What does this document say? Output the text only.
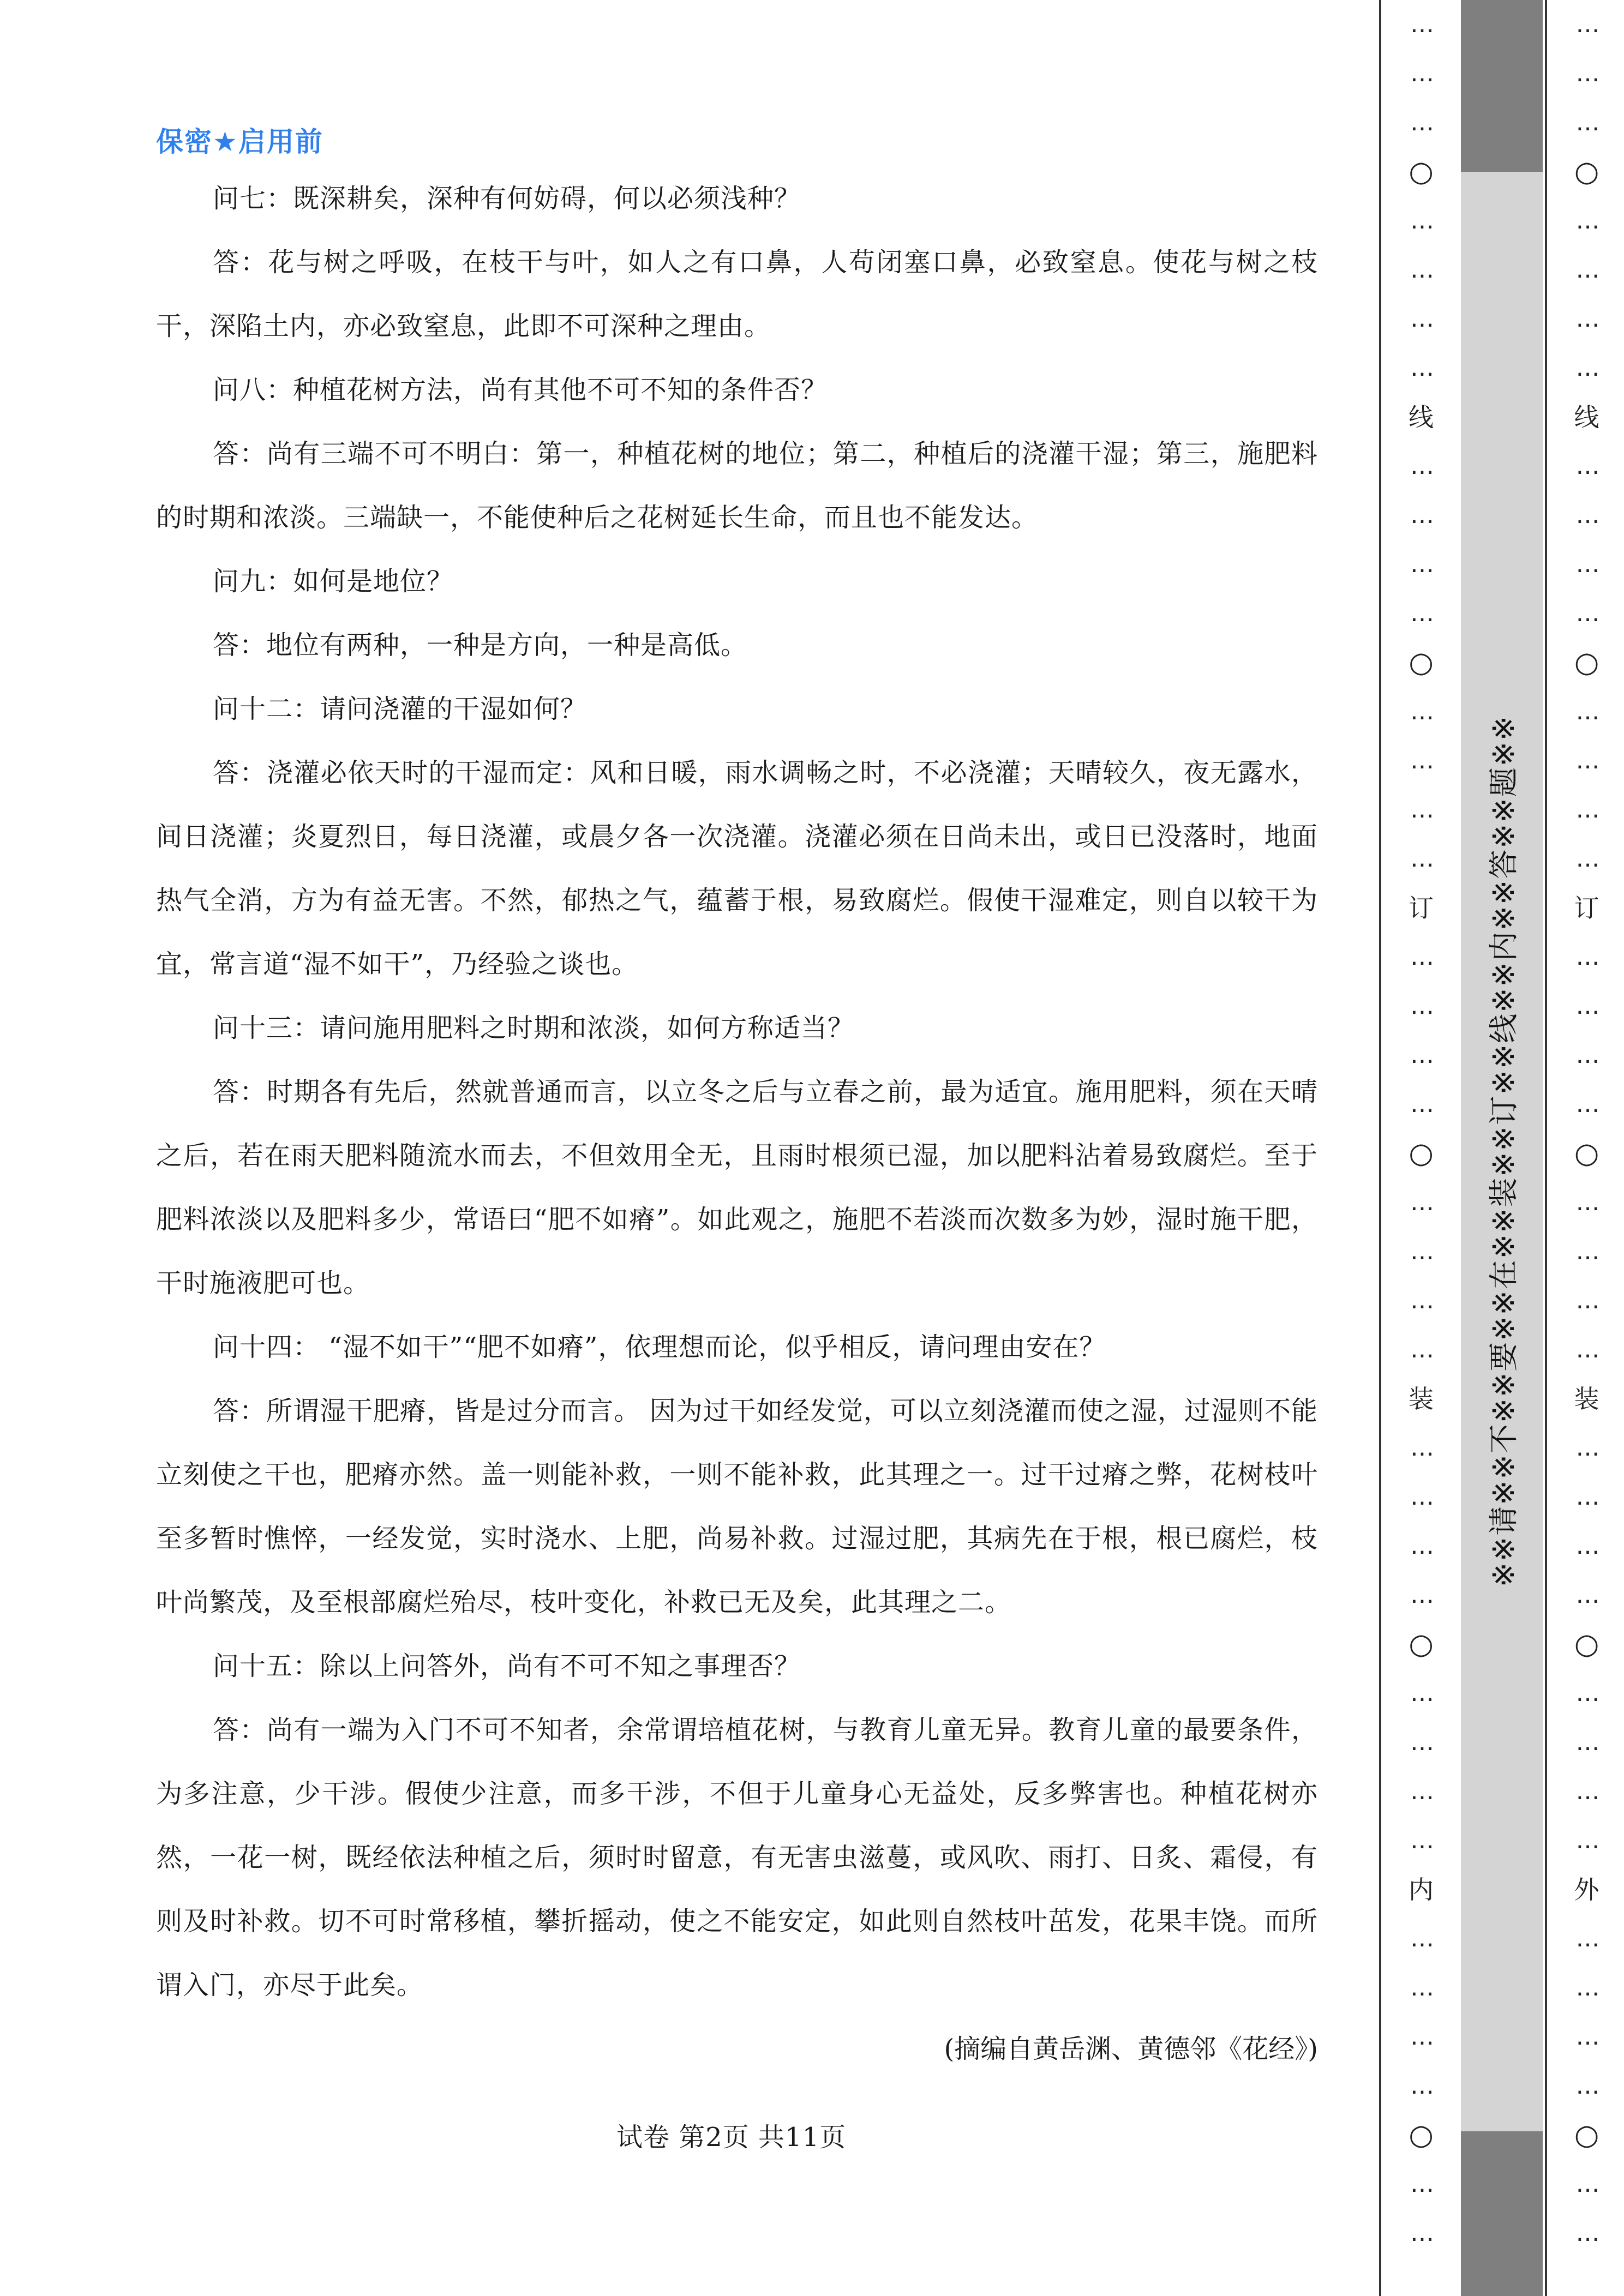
保密★启用前

问七：既深耕矣，深种有何妨碍，何以必须浅种？

答：花与树之呼吸，在枝干与叶，如人之有口鼻，人苟闭塞口鼻，必致窒息。使花与树之枝干，深陷土内，亦必致窒息，此即不可深种之理由。

问八：种植花树方法，尚有其他不可不知的条件否？

答：尚有三端不可不明白：第一，种植花树的地位；第二，种植后的浇灌干湿；第三，施肥料的时期和浓淡。三端缺一，不能使种后之花树延长生命，而且也不能发达。

问九：如何是地位？

答：地位有两种，一种是方向，一种是高低。

问十二：请问浇灌的干湿如何？

答：浇灌必依天时的干湿而定：风和日暖，雨水调畅之时，不必浇灌；天晴较久，夜无露水，间日浇灌；炎夏烈日，每日浇灌，或晨夕各一次浇灌。浇灌必须在日尚未出，或日已没落时，地面热气全消，方为有益无害。不然，郁热之气，蕴蓄于根，易致腐烂。假使干湿难定，则自以较干为宜，常言道“湿不如干”，乃经验之谈也。

问十三：请问施用肥料之时期和浓淡，如何方称适当？

答：时期各有先后，然就普通而言，以立冬之后与立春之前，最为适宜。施用肥料，须在天晴之后，若在雨天肥料随流水而去，不但效用全无，且雨时根须已湿，加以肥料沾着易致腐烂。至于肥料浓淡以及肥料多少，常语曰“肥不如瘠”。如此观之，施肥不若淡而次数多为妙，湿时施干肥，干时施液肥可也。

问十四： “湿不如干”“肥不如瘠”，依理想而论，似乎相反，请问理由安在？

答：所谓湿干肥瘠，皆是过分而言。 因为过干如经发觉，可以立刻浇灌而使之湿，过湿则不能立刻使之干也，肥瘠亦然。盖一则能补救，一则不能补救，此其理之一。过干过瘠之弊，花树枝叶至多暂时憔悴，一经发觉，实时浇水、上肥，尚易补救。过湿过肥，其病先在于根，根已腐烂，枝叶尚繁茂，及至根部腐烂殆尽，枝叶变化，补救已无及矣，此其理之二。

问十五：除以上问答外，尚有不可不知之事理否？

答：尚有一端为入门不可不知者，余常谓培植花树，与教育儿童无异。教育儿童的最要条件，为多注意，少干涉。假使少注意，而多干涉，不但于儿童身心无益处，反多弊害也。种植花树亦然，一花一树，既经依法种植之后，须时时留意，有无害虫滋蔓，或风吹、雨打、日炙、霜侵，有则及时补救。切不可时常移植，攀折摇动，使之不能安定，如此则自然枝叶茁发，花果丰饶。而所谓入门，亦尽于此矣。

(摘编自黄岳渊、黄德邻《花经》)

试卷 第2页 共11页
…
…
…
○
…
…
…
…
线
…
…
…
…
○
…
…
…
…
订
…
…
…
…
○
…
…
…
…
装
…
…
…
…
○
…
…
…
…
内
…
…
…
…
○
…
…
※※请※※不※※要※※在※※装※※订※※线※※内※※答※※题※※
…
…
…
○
…
…
…
…
线
…
…
…
…
○
…
…
…
…
订
…
…
…
…
○
…
…
…
…
装
…
…
…
…
○
…
…
…
…
外
…
…
…
…
○
…
…
